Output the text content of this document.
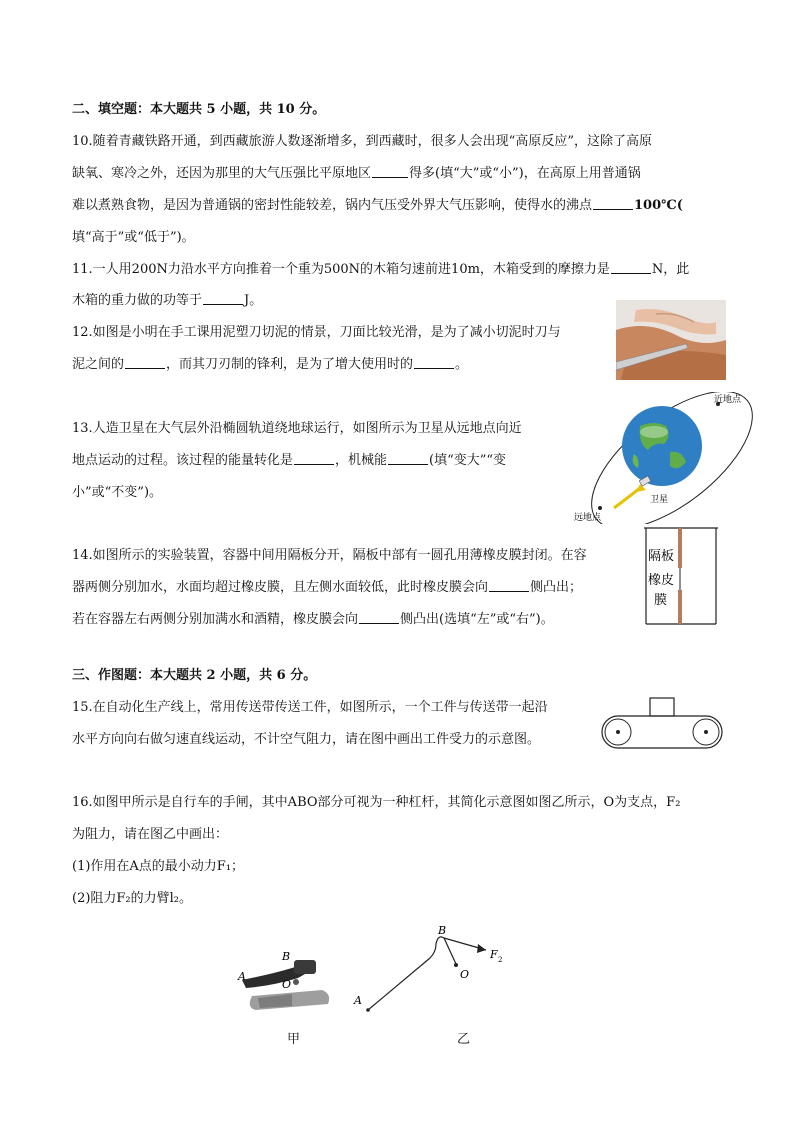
二、填空题：本大题共 5 小题，共 10 分。
10.随着青藏铁路开通，到西藏旅游人数逐渐增多，到西藏时，很多人会出现“高原反应”，这除了高原
缺氧、寒冷之外，还因为那里的大气压强比平原地区	得多(填“大”或“小”)，在高原上用普通锅
难以煮熟食物，是因为普通锅的密封性能较差，锅内气压受外界大气压影响，使得水的沸点	100℃(
填“高于”或“低于”)。
11.一人用200N力沿水平方向推着一个重为500N的木箱匀速前进10m，木箱受到的摩擦力是	N，此
木箱的重力做的功等于	J。
12.如图是小明在手工课用泥塑刀切泥的情景，刀面比较光滑，是为了减小切泥时刀与
泥之间的	，而其刀刃制的锋利，是为了增大使用时的	。
13.人造卫星在大气层外沿椭圆轨道绕地球运行，如图所示为卫星从远地点向近
地点运动的过程。该过程的能量转化是	，机械能	(填“变大”“变
小”或“不变”)。
近地点
远地点
卫星
14.如图所示的实验装置，容器中间用隔板分开，隔板中部有一圆孔用薄橡皮膜封闭。在容
器两侧分别加水，水面均超过橡皮膜，且左侧水面较低，此时橡皮膜会向	侧凸出；
若在容器左右两侧分别加满水和酒精，橡皮膜会向	侧凸出(选填“左”或“右”)。
隔板
橡皮
膜
三、作图题：本大题共 2 小题，共 6 分。
15.在自动化生产线上，常用传送带传送工件，如图所示，一个工件与传送带一起沿
水平方向向右做匀速直线运动，不计空气阻力，请在图中画出工件受力的示意图。
16.如图甲所示是自行车的手闸，其中ABO部分可视为一种杠杆，其简化示意图如图乙所示，O为支点，F₂
为阻力，请在图乙中画出：
(1)作用在A点的最小动力F₁；
(2)阻力F₂的力臂l₂。
A
B
O
甲
A
B
O
F 2
乙
